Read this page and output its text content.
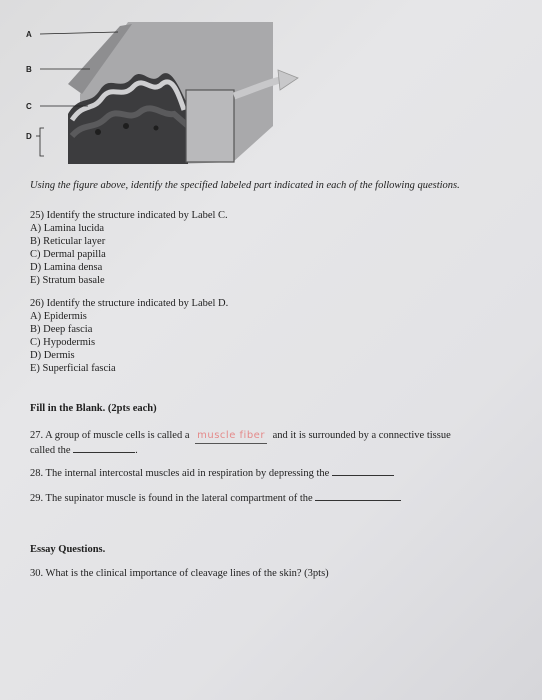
A
B
C
D
Using the figure above, identify the specified labeled part indicated in each of the following questions.
25) Identify the structure indicated by Label C.
A) Lamina lucida
B) Reticular layer
C) Dermal papilla
D) Lamina densa
E) Stratum basale
26) Identify the structure indicated by Label D.
A) Epidermis
B) Deep fascia
C) Hypodermis
D) Dermis
E) Superficial fascia
Fill in the Blank. (2pts each)
27. A group of muscle cells is called a muscle fiber and it is surrounded by a connective tissue
called the	.
28. The internal intercostal muscles aid in respiration by depressing the
29. The supinator muscle is found in the lateral compartment of the
Essay Questions.
30. What is the clinical importance of cleavage lines of the skin? (3pts)
